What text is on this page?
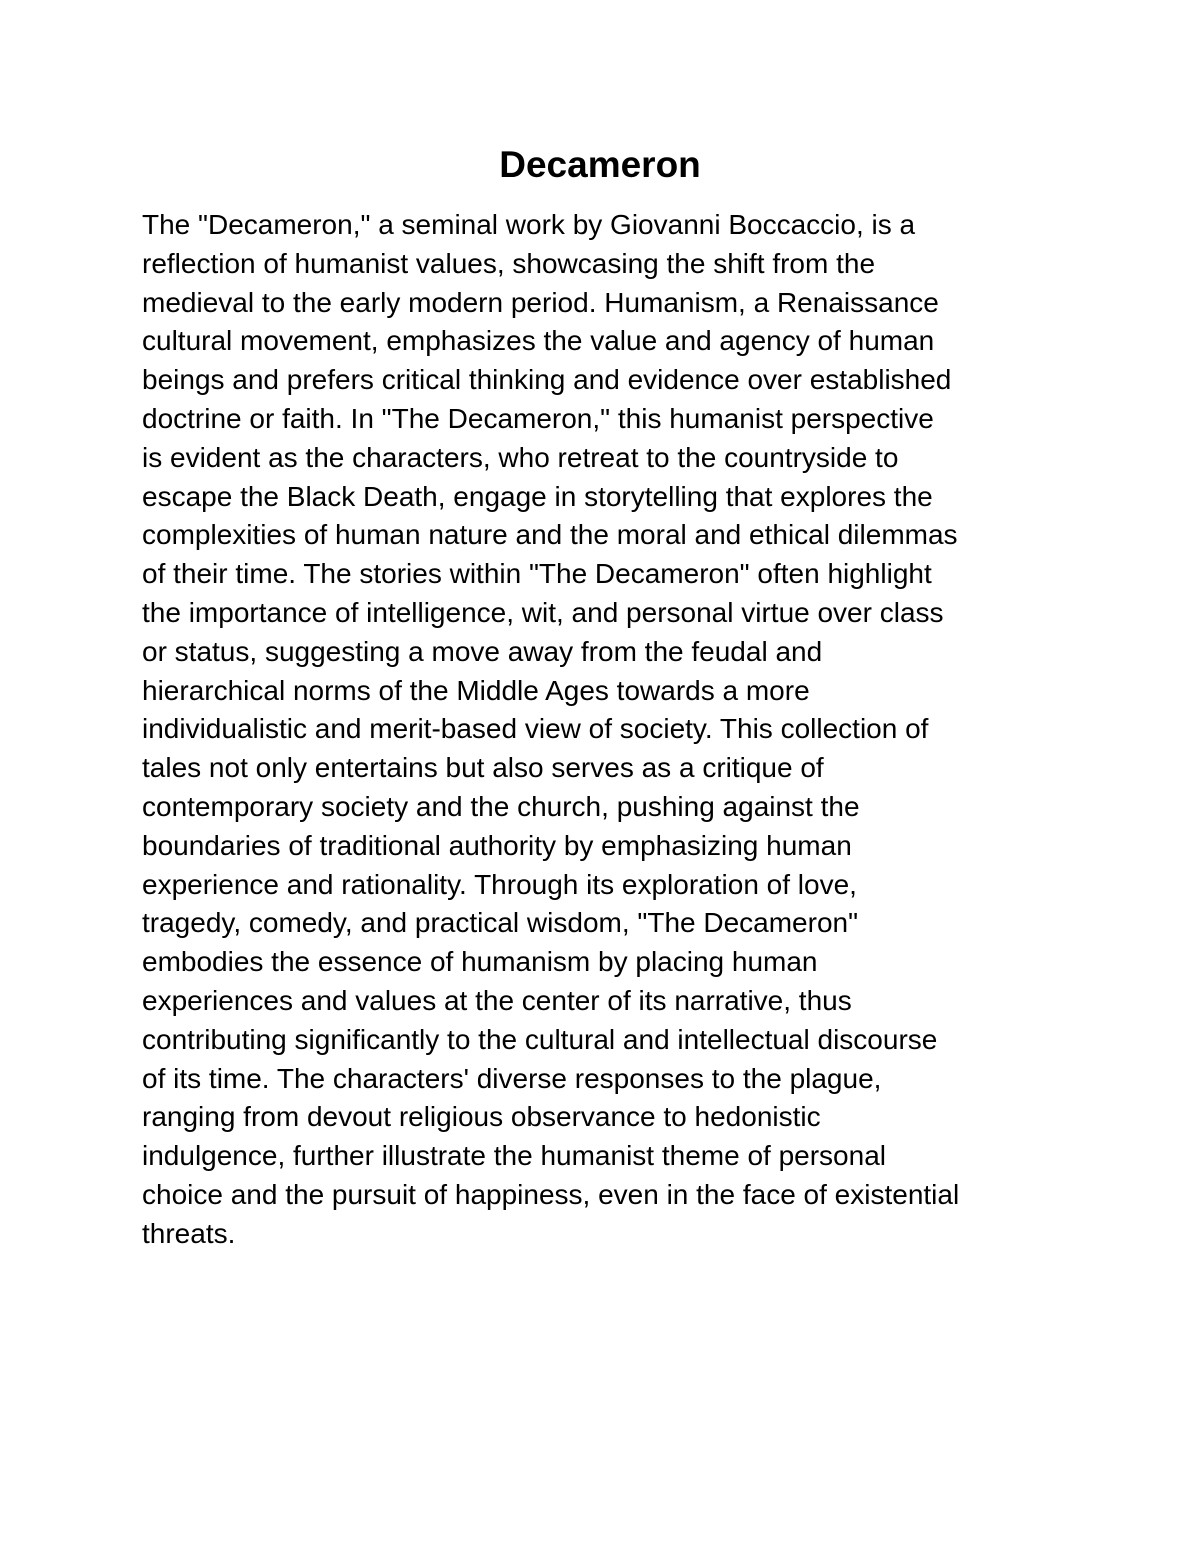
Decameron
The "Decameron," a seminal work by Giovanni Boccaccio, is a
reflection of humanist values, showcasing the shift from the
medieval to the early modern period. Humanism, a Renaissance
cultural movement, emphasizes the value and agency of human
beings and prefers critical thinking and evidence over established
doctrine or faith. In "The Decameron," this humanist perspective
is evident as the characters, who retreat to the countryside to
escape the Black Death, engage in storytelling that explores the
complexities of human nature and the moral and ethical dilemmas
of their time. The stories within "The Decameron" often highlight
the importance of intelligence, wit, and personal virtue over class
or status, suggesting a move away from the feudal and
hierarchical norms of the Middle Ages towards a more
individualistic and merit-based view of society. This collection of
tales not only entertains but also serves as a critique of
contemporary society and the church, pushing against the
boundaries of traditional authority by emphasizing human
experience and rationality. Through its exploration of love,
tragedy, comedy, and practical wisdom, "The Decameron"
embodies the essence of humanism by placing human
experiences and values at the center of its narrative, thus
contributing significantly to the cultural and intellectual discourse
of its time. The characters' diverse responses to the plague,
ranging from devout religious observance to hedonistic
indulgence, further illustrate the humanist theme of personal
choice and the pursuit of happiness, even in the face of existential
threats.
